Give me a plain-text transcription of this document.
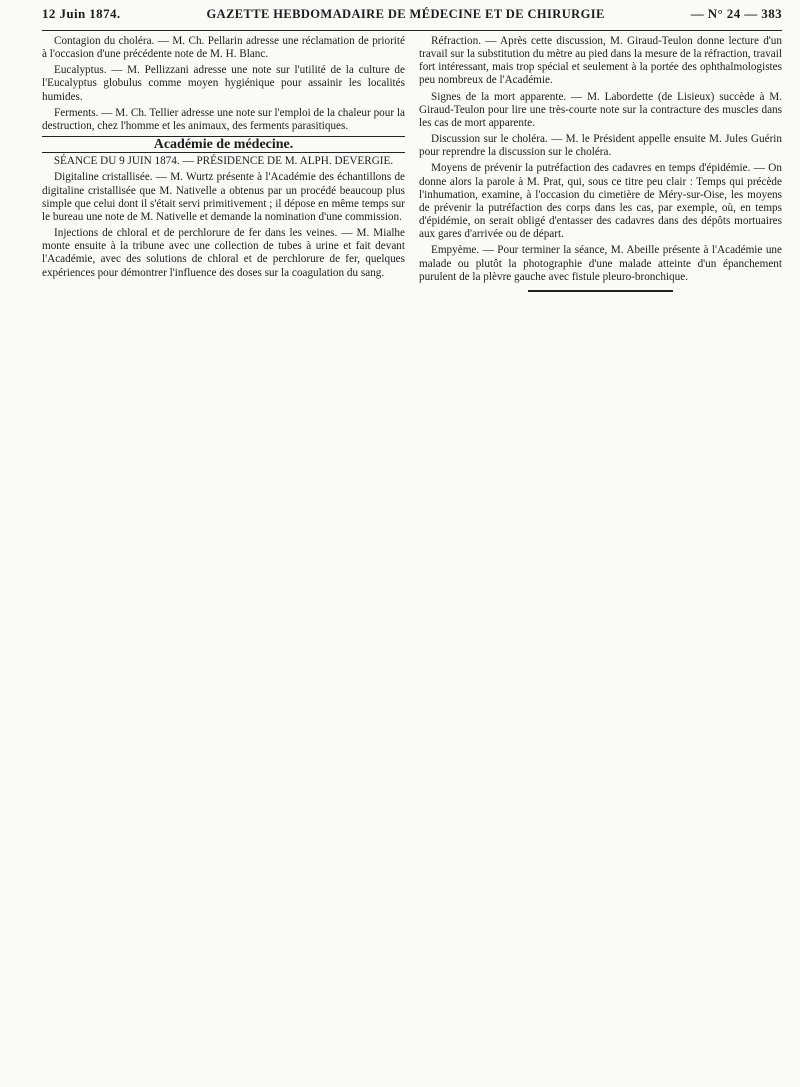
12 Juin 1874.	GAZETTE HEBDOMADAIRE DE MÉDECINE ET DE CHIRURGIE	— N° 24 — 383

Contagion du choléra. — M. Ch. Pellarin adresse une réclamation de priorité à l'occasion d'une précédente note de M. H. Blanc.

Eucalyptus. — M. Pellizzani adresse une note sur l'utilité de la culture de l'Eucalyptus globulus comme moyen hygiénique pour assainir les localités humides.

Ferments. — M. Ch. Tellier adresse une note sur l'emploi de la chaleur pour la destruction, chez l'homme et les animaux, des ferments parasitiques.

Académie de médecine.

SÉANCE DU 9 JUIN 1874. — PRÉSIDENCE DE M. ALPH. DEVERGIE.

Digitaline cristallisée. — M. Wurtz présente à l'Académie des échantillons de digitaline cristallisée que M. Nativelle a obtenus par un procédé beaucoup plus simple que celui dont il s'était servi primitivement ; il dépose en même temps sur le bureau une note de M. Nativelle et demande la nomination d'une commission.

Injections de chloral et de perchlorure de fer dans les veines. — M. Mialhe monte ensuite à la tribune avec une collection de tubes à urine et fait devant l'Académie, avec des solutions de chloral et de perchlorure de fer, quelques expériences pour démontrer l'influence des doses sur la coagulation du sang.

Réfraction. — Après cette discussion, M. Giraud-Teulon donne lecture d'un travail sur la substitution du mètre au pied dans la mesure de la réfraction, travail fort intéressant, mais trop spécial et seulement à la portée des ophthalmologistes peu nombreux de l'Académie.

Signes de la mort apparente. — M. Labordette (de Lisieux) succède à M. Giraud-Teulon pour lire une très-courte note sur la contracture des muscles dans les cas de mort apparente.

Discussion sur le choléra. — M. le Président appelle ensuite M. Jules Guérin pour reprendre la discussion sur le choléra.

Moyens de prévenir la putréfaction des cadavres en temps d'épidémie. — On donne alors la parole à M. Prat, qui, sous ce titre peu clair : Temps qui précède l'inhumation, examine, à l'occasion du cimetière de Méry-sur-Oise, les moyens de prévenir la putréfaction des corps dans les cas, par exemple, où, en temps d'épidémie, on serait obligé d'entasser des cadavres dans des dépôts mortuaires aux gares d'arrivée ou de départ.

Empyème. — Pour terminer la séance, M. Abeille présente à l'Académie une malade ou plutôt la photographie d'une malade atteinte d'un épanchement purulent de la plèvre gauche avec fistule pleuro-bronchique.
